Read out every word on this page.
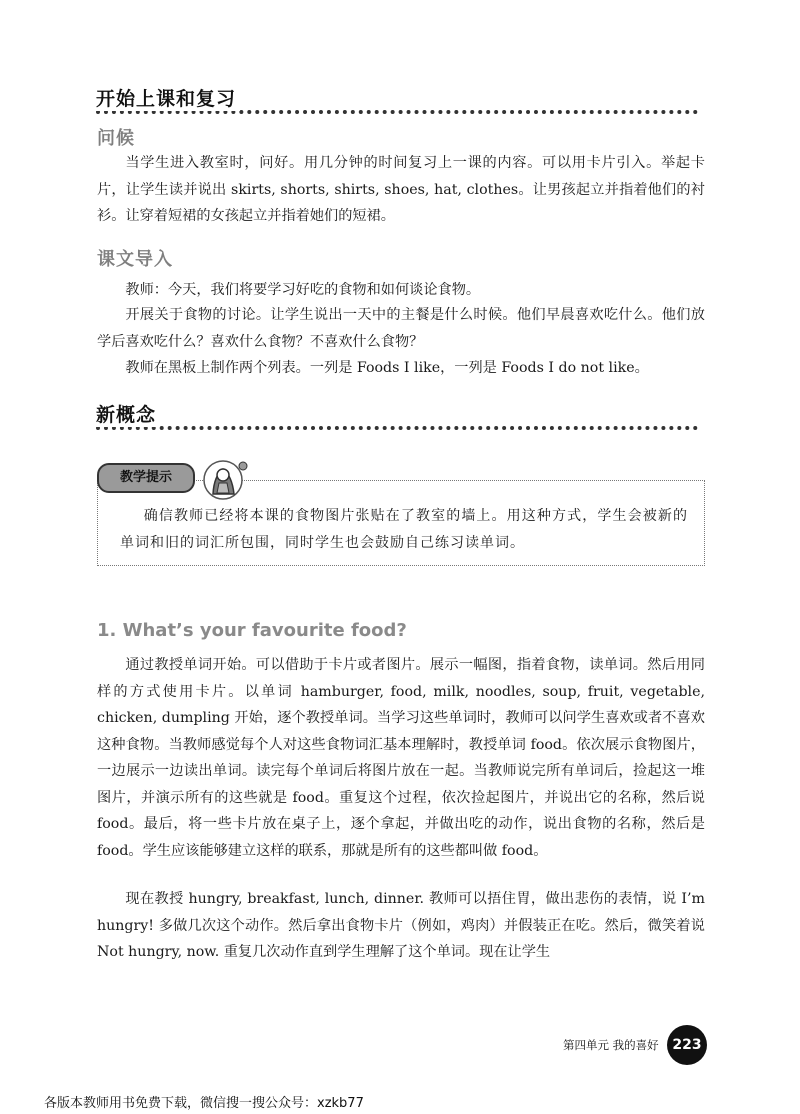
开始上课和复习
问候

当学生进入教室时，问好。用几分钟的时间复习上一课的内容。可以用卡片引入。举起卡片，让学生读并说出 skirts, shorts, shirts, shoes, hat, clothes。让男孩起立并指着他们的衬衫。让穿着短裙的女孩起立并指着她们的短裙。

课文导入

教师：今天，我们将要学习好吃的食物和如何谈论食物。

开展关于食物的讨论。让学生说出一天中的主餐是什么时候。他们早晨喜欢吃什么。他们放学后喜欢吃什么？喜欢什么食物？不喜欢什么食物？

教师在黑板上制作两个列表。一列是 Foods I like，一列是 Foods I do not like。

新概念
教学提示

确信教师已经将本课的食物图片张贴在了教室的墙上。用这种方式，学生会被新的单词和旧的词汇所包围，同时学生也会鼓励自己练习读单词。

1. What’s your favourite food?

通过教授单词开始。可以借助于卡片或者图片。展示一幅图，指着食物，读单词。然后用同样的方式使用卡片。以单词 hamburger, food, milk, noodles, soup, fruit, vegetable, chicken, dumpling 开始，逐个教授单词。当学习这些单词时，教师可以问学生喜欢或者不喜欢这种食物。当教师感觉每个人对这些食物词汇基本理解时，教授单词 food。依次展示食物图片，一边展示一边读出单词。读完每个单词后将图片放在一起。当教师说完所有单词后，捡起这一堆图片，并演示所有的这些就是 food。重复这个过程，依次捡起图片，并说出它的名称，然后说 food。最后，将一些卡片放在桌子上，逐个拿起，并做出吃的动作，说出食物的名称，然后是 food。学生应该能够建立这样的联系，那就是所有的这些都叫做 food。

现在教授 hungry, breakfast, lunch, dinner. 教师可以捂住胃，做出悲伤的表情，说 I’m hungry! 多做几次这个动作。然后拿出食物卡片（例如，鸡肉）并假装正在吃。然后，微笑着说 Not hungry, now. 重复几次动作直到学生理解了这个单词。现在让学生

第四单元 我的喜好 223
各版本教师用书免费下载，微信搜一搜公众号：xzkb77
